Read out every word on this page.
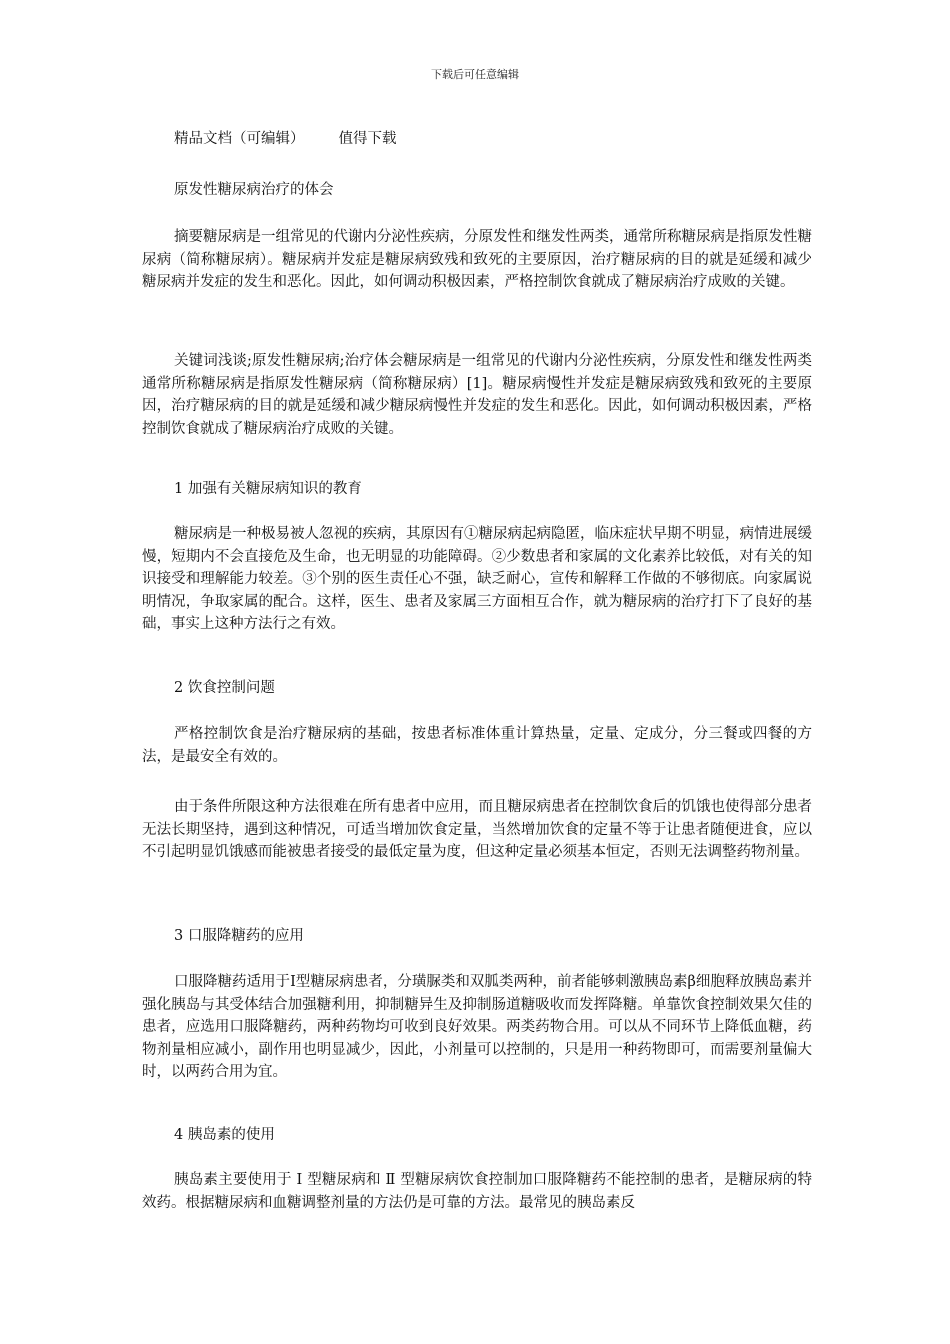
下载后可任意编辑
精品文档（可编辑） 值得下载
原发性糖尿病治疗的体会
摘要糖尿病是一组常见的代谢内分泌性疾病，分原发性和继发性两类，通常所称糖尿病是指原发性糖尿病（简称糖尿病）。糖尿病并发症是糖尿病致残和致死的主要原因，治疗糖尿病的目的就是延缓和减少糖尿病并发症的发生和恶化。因此，如何调动积极因素，严格控制饮食就成了糖尿病治疗成败的关键。
关键词浅谈;原发性糖尿病;治疗体会糖尿病是一组常见的代谢内分泌性疾病，分原发性和继发性两类通常所称糖尿病是指原发性糖尿病（简称糖尿病）[1]。糖尿病慢性并发症是糖尿病致残和致死的主要原因，治疗糖尿病的目的就是延缓和减少糖尿病慢性并发症的发生和恶化。因此，如何调动积极因素，严格控制饮食就成了糖尿病治疗成败的关键。
1 加强有关糖尿病知识的教育
糖尿病是一种极易被人忽视的疾病，其原因有①糖尿病起病隐匿，临床症状早期不明显，病情进展缓慢，短期内不会直接危及生命，也无明显的功能障碍。②少数患者和家属的文化素养比较低，对有关的知识接受和理解能力较差。③个别的医生责任心不强，缺乏耐心，宣传和解释工作做的不够彻底。向家属说明情况，争取家属的配合。这样，医生、患者及家属三方面相互合作，就为糖尿病的治疗打下了良好的基础，事实上这种方法行之有效。
2 饮食控制问题
严格控制饮食是治疗糖尿病的基础，按患者标准体重计算热量，定量、定成分，分三餐或四餐的方法，是最安全有效的。
由于条件所限这种方法很难在所有患者中应用，而且糖尿病患者在控制饮食后的饥饿也使得部分患者无法长期坚持，遇到这种情况，可适当增加饮食定量，当然增加饮食的定量不等于让患者随便进食，应以不引起明显饥饿感而能被患者接受的最低定量为度，但这种定量必须基本恒定，否则无法调整药物剂量。
3 口服降糖药的应用
口服降糖药适用于Ⅰ型糖尿病患者，分璜脲类和双胍类两种，前者能够刺激胰岛素β细胞释放胰岛素并强化胰岛与其受体结合加强糖利用，抑制糖异生及抑制肠道糖吸收而发挥降糖。单靠饮食控制效果欠佳的患者，应选用口服降糖药，两种药物均可收到良好效果。两类药物合用。可以从不同环节上降低血糖，药物剂量相应减小，副作用也明显减少，因此，小剂量可以控制的，只是用一种药物即可，而需要剂量偏大时，以两药合用为宜。
4 胰岛素的使用
胰岛素主要使用于 Ⅰ 型糖尿病和 Ⅱ 型糖尿病饮食控制加口服降糖药不能控制的患者，是糖尿病的特效药。根据糖尿病和血糖调整剂量的方法仍是可靠的方法。最常见的胰岛素反
